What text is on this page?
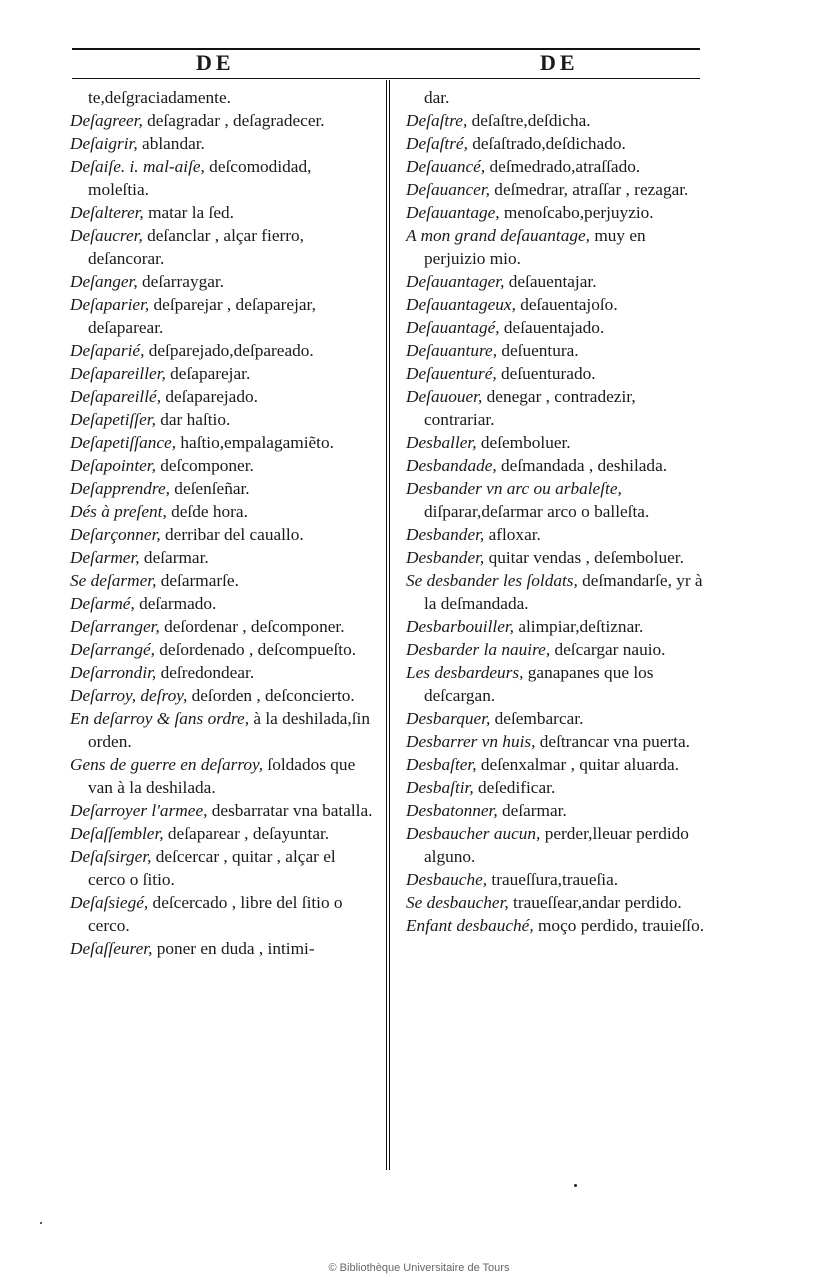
DE	DE

te,deſgraciadamente.

Deſagreer, deſagradar , deſagradecer.

Deſaigrir, ablandar.

Deſaiſe. i. mal-aiſe, deſcomodidad, moleſtia.

Deſalterer, matar la ſed.

Deſaucrer, deſanclar , alçar fierro, deſancorar.

Deſanger, deſarraygar.

Deſaparier, deſparejar , deſaparejar, deſaparear.

Deſaparié, deſparejado,deſpareado.

Deſapareiller, deſaparejar.

Deſapareillé, deſaparejado.

Deſapetiſſer, dar haſtio.

Deſapetiſſance, haſtio,empalagamiẽto.

Deſapointer, deſcomponer.

Deſapprendre, deſenſeñar.

Dés à preſent, deſde hora.

Deſarçonner, derribar del cauallo.

Deſarmer, deſarmar.

Se deſarmer, deſarmarſe.

Deſarmé, deſarmado.

Deſarranger, deſordenar , deſcomponer.

Deſarrangé, deſordenado , deſcompueſto.

Deſarrondir, deſredondear.

Deſarroy, deſroy, deſorden , deſconcierto.

En deſarroy & ſans ordre, à la deshilada,ſin orden.

Gens de guerre en deſarroy, ſoldados que van à la deshilada.

Deſarroyer l'armee, desbarratar vna batalla.

Deſaſſembler, deſaparear , deſayuntar.

Deſaſsirger, deſcercar , quitar , alçar el cerco o ſitio.

Deſaſsiegé, deſcercado , libre del ſitio o cerco.

Deſaſſeurer, poner en duda , intimi-

dar.

Deſaſtre, deſaſtre,deſdicha.

Deſaſtré, deſaſtrado,deſdichado.

Deſauancé, deſmedrado,atraſſado.

Deſauancer, deſmedrar, atraſſar , rezagar.

Deſauantage, menoſcabo,perjuyzio.

A mon grand deſauantage, muy en perjuizio mio.

Deſauantager, deſauentajar.

Deſauantageux, deſauentajoſo.

Deſauantagé, deſauentajado.

Deſauanture, deſuentura.

Deſauenturé, deſuenturado.

Deſauouer, denegar , contradezir, contrariar.

Desballer, deſemboluer.

Desbandade, deſmandada , deshilada.

Desbander vn arc ou arbaleſte, diſparar,deſarmar arco o balleſta.

Desbander, afloxar.

Desbander, quitar vendas , deſemboluer.

Se desbander les ſoldats, deſmandarſe, yr à la deſmandada.

Desbarbouiller, alimpiar,deſtiznar.

Desbarder la nauire, deſcargar nauio.

Les desbardeurs, ganapanes que los deſcargan.

Desbarquer, deſembarcar.

Desbarrer vn huis, deſtrancar vna puerta.

Desbaſter, deſenxalmar , quitar aluarda.

Desbaſtir, deſedificar.

Desbatonner, deſarmar.

Desbaucher aucun, perder,lleuar perdido alguno.

Desbauche, traueſſura,traueſia.

Se desbaucher, traueſſear,andar perdido.

Enfant desbauché, moço perdido, trauieſſo.

© Bibliothèque Universitaire de Tours
